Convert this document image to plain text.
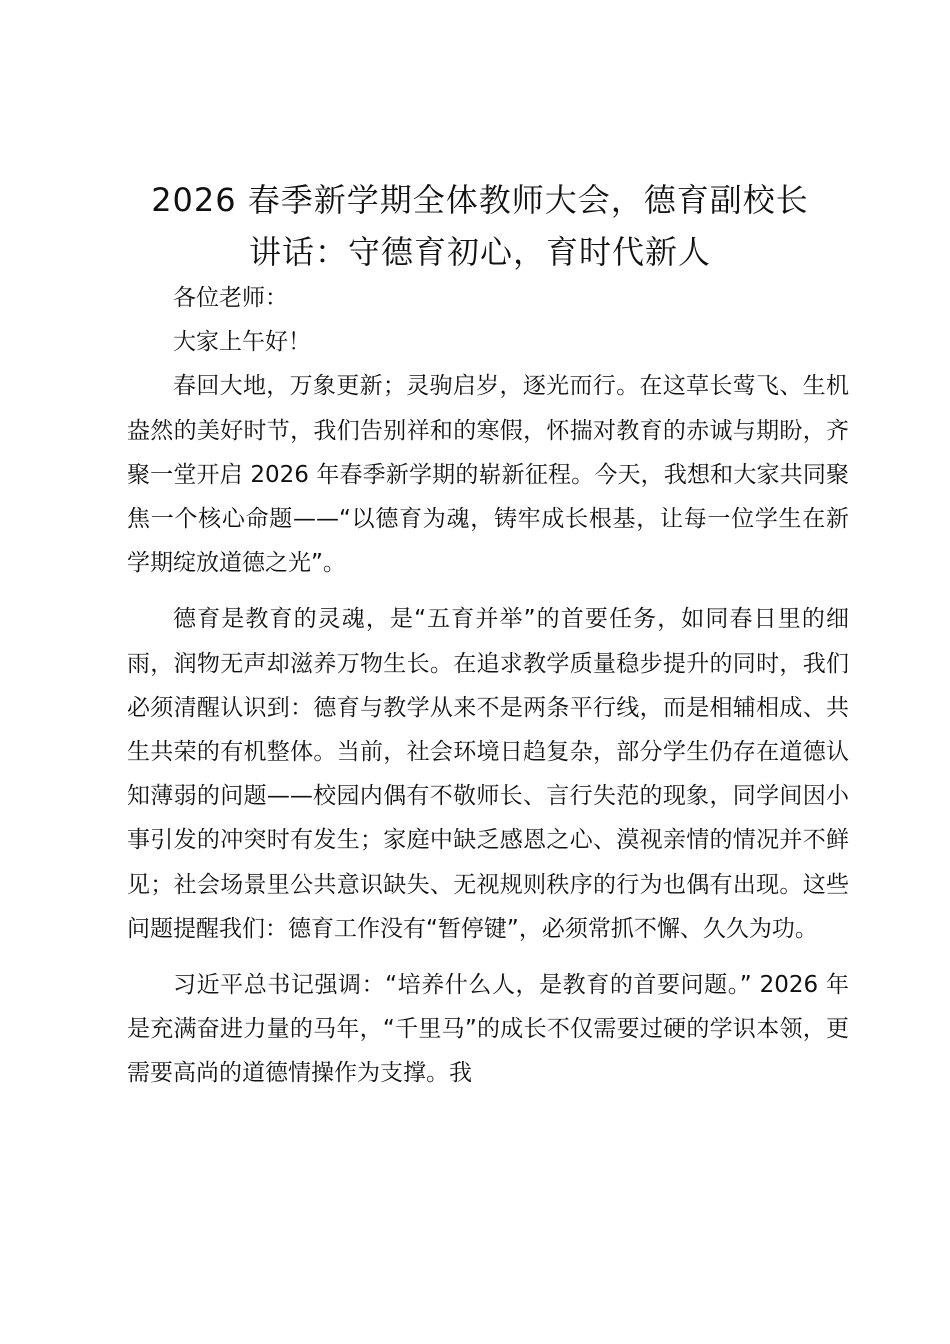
2026 春季新学期全体教师大会，德育副校长
讲话：守德育初心，育时代新人

各位老师：

大家上午好！

春回大地，万象更新；灵驹启岁，逐光而行。在这草长莺飞、生机盎然的美好时节，我们告别祥和的寒假，怀揣对教育的赤诚与期盼，齐聚一堂开启 2026 年春季新学期的崭新征程。今天，我想和大家共同聚焦一个核心命题——“以德育为魂，铸牢成长根基，让每一位学生在新学期绽放道德之光”。

德育是教育的灵魂，是“五育并举”的首要任务，如同春日里的细雨，润物无声却滋养万物生长。在追求教学质量稳步提升的同时，我们必须清醒认识到：德育与教学从来不是两条平行线，而是相辅相成、共生共荣的有机整体。当前，社会环境日趋复杂，部分学生仍存在道德认知薄弱的问题——校园内偶有不敬师长、言行失范的现象，同学间因小事引发的冲突时有发生；家庭中缺乏感恩之心、漠视亲情的情况并不鲜见；社会场景里公共意识缺失、无视规则秩序的行为也偶有出现。这些问题提醒我们：德育工作没有“暂停键”，必须常抓不懈、久久为功。

习近平总书记强调：“培养什么人，是教育的首要问题。” 2026 年是充满奋进力量的马年，“千里马”的成长不仅需要过硬的学识本领，更需要高尚的道德情操作为支撑。我
